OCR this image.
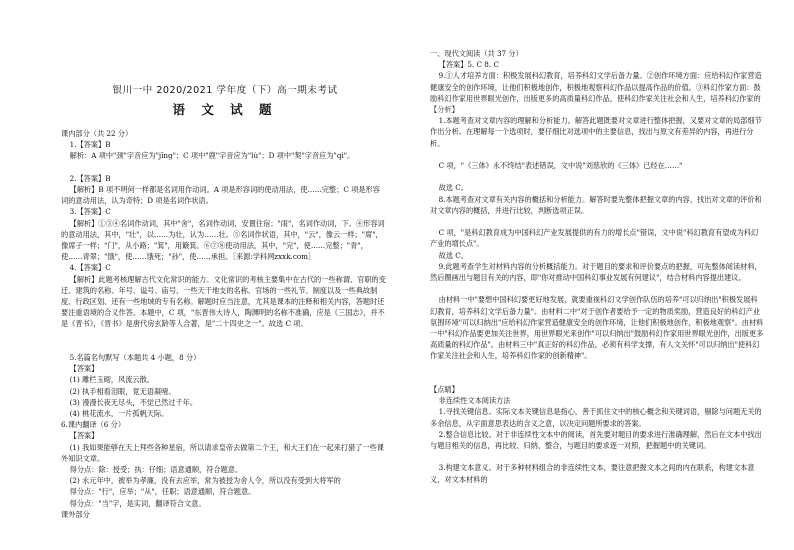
银川一中 2020/2021 学年度（下）高一期末考试
语 文 试 题

课内部分（共 22 分）

1.【答案】B

解析：A 项中"颈"字音应为"jǐng"；C 项中"鹿"字音应为"lù"；D 项中"契"字音应为"qì"。

2.【答案】B

【解析】B 项不明何一样都是名词用作动词。A 项是形容词的使动用法，使……完整；C 项是形容词的意动用法，认为奇特；D 项是名词作状语。

3.【答案】C

【解析】①③④名词作动词，其中"舍"，名词作动词，安置住宿；"雨"，名词作动词，下。④形容词的意动用法，其中，"壮"，以……为壮，认为……壮。⑤名词作状语，其中，"云"，像云一样；"席"，像席子一样；"门"，从小路；"箕"，用簸箕。⑥⑦⑧使动用法，其中，"完"，使……完整；"青"，使……青翠；"饿"，使……饿死；"孙"，使……承担。［来源:学科网zxxk.com］

4.【答案】C

【解析】此题考核理解古代文化常识的能力。文化常识的考核主要集中在古代的一些称谓、官职的变迁、建筑的名称、年号、谥号、庙号、一些天干地支的名称、官场的一些礼节、制度以及一些典故制度、行政区划、还有一些地域的专有名称。解题时应当注意，尤其是课本的注释和相关内容，答题时还要注重语境的合义作答。本题中，C 项，"东晋伟大诗人，陶渊明的名称不准确，应是《三国志》，并不是《晋书》，《晋书》是唐代房玄龄等人合著，是"二十四史之一"。故选 C 项。

5.名篇名句默写（本题共 4 小题，8 分）

【答案】

(1) 雕栏玉砌，风流云散。

(2) 执手相看泪眼，竟无语凝噎。

(3) 漫漫长夜无尽头，不觉已然过千年。

(4) 桃花流水，一片孤帆天际。

6.课内翻译（6 分）

【答案】

(1) 我如果能够在天上拜些各种星宿，所以请求皇帝去做第二个王，和大王们在一起来打猎了一些课外知识文章。

得分点：除：授受；执：仔细；语意通顺，符合题意。

(2) 永元年中，被举为孝廉，没有去应举，常为被授为舍人令，所以没有受到大将军的

得分点："行"，应举；"从"，任职；语意通顺，符合题意。

得分点："当"字，是实词，翻译符合文意。

课外部分

一、现代文阅读（共 37 分）

【答案】5. C 8. C

9.①人才培养方面：积极发展科幻教育，培养科幻文学后备力量。②创作环境方面：应给科幻作家营造健康安全的创作环境，让他们积极地创作，积极地观察科幻作品以提高作品的价值。③科幻作家方面：鼓励科幻作家用世界眼光创作，出版更多的高质量科幻作品，使科幻作家关注社会和人生，培养科幻作家的

【分析】

1.本题考查对文章内容的理解和分析能力。解答此题既要对文章进行整体把握，又要对文章的局部细节作出分析。在理解每一个选项时，要仔细比对选项中的主要信息，找出与原文有差异的内容，再进行分析。

C 项，"《三体》永不终结"表述错误，文中说"刘慈欣的《三体》已经在……"

故选 C。

8.本题考查对文章有关内容的概括和分析能力。解答时要先整体把握文章的内容，找出对文章的评价和对文章内容的概括，并进行比较，判断选项正误。

C 项，"是科幻教育成为中国科幻产业发展提供的有力的增长点"错误，文中说"科幻教育有望成为科幻产业的增长点"。

故选 C。

9.此题考查学生对材料内容的分析概括能力。对于题目的要求和评价要点的把握，可先整体阅读材料，然后圈画出与题目有关的内容，即"你对推动中国科幻事业发展有何建议"，结合材料内容提出建议。

由材料一中"要想中国科幻要更好地发展，就要重视科幻文学创作队伍的培养"可以归纳出"积极发展科幻教育，培养科幻文学后备力量"。由材料二中"对于创作者要给予一定的物质奖励，营造良好的科幻产业氛围环境"可以归纳出"应给科幻作家营造健康安全的创作环境，让他们积极地创作，积极地观察"。由材料一中"科幻作品要更加关注世界，用世界眼光来创作"可以归纳出"鼓励科幻作家用世界眼光创作，出版更多高质量的科幻作品"。由材料三中"真正好的科幻作品，必须有科学支撑，有人文关怀"可以归纳出"使科幻作家关注社会和人生，培养科幻作家的创新精神"。

【点睛】

非连续性文本阅读方法

1.寻找关键信息。实际文本关键信息是指心，善于抓住文中的核心概念和关键词语，剔除与问题无关的多余信息，从字面意思表达的含义之意，以决定问题所要求的答案。

2.整合信息比较。对于非连续性文本中的阅读，首先要对题目的要求进行准确理解，然后在文本中找出与题目相关的信息，再比较、归纳、整合，与题目的要求逐一对照，把握题中的关键词。

3.构建文本意义。对于多种材料组合的非连续性文本，要注意把握文本之间的内在联系，构建文本意义，对文本材料的
